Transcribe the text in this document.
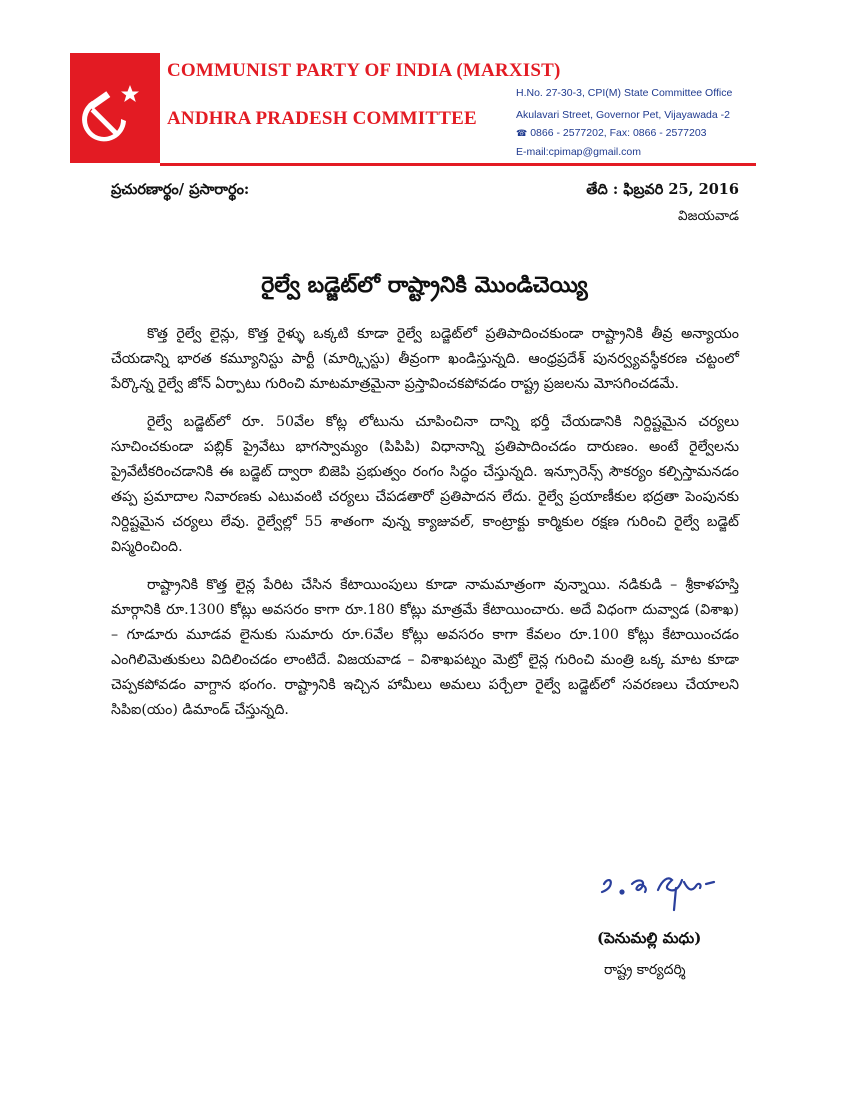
COMMUNIST PARTY OF INDIA (MARXIST)
ANDHRA PRADESH COMMITTEE
H.No. 27-30-3, CPI(M) State Committee Office
Akulavari Street, Governor Pet, Vijayawada -2
☎ 0866 - 2577202, Fax: 0866 - 2577203
E-mail:cpimap@gmail.com
ప్రచురణార్థం/ ప్రసారార్థం:	తేది : ఫిబ్రవరి 25, 2016
విజయవాడ
రైల్వే బడ్జెట్‌లో రాష్ట్రానికి మొండిచెయ్యి

కొత్త రైల్వే లైన్లు, కొత్త రైళ్ళు ఒక్కటి కూడా రైల్వే బడ్జెట్‌లో ప్రతిపాదించకుండా రాష్ట్రానికి తీవ్ర అన్యాయం చేయడాన్ని భారత కమ్యూనిస్టు పార్టీ (మార్క్సిస్టు) తీవ్రంగా ఖండిస్తున్నది. ఆంధ్రప్రదేశ్ పునర్వ్యవస్థీకరణ చట్టంలో పేర్కొన్న రైల్వే జోన్ ఏర్పాటు గురించి మాటమాత్రమైనా ప్రస్తావించకపోవడం రాష్ట్ర ప్రజలను మోసగించడమే.

రైల్వే బడ్జెట్‌లో రూ. 50వేల కోట్ల లోటును చూపించినా దాన్ని భర్తీ చేయడానికి నిర్దిష్టమైన చర్యలు సూచించకుండా పబ్లిక్ ప్రైవేటు భాగస్వామ్యం (పిపిపి) విధానాన్ని ప్రతిపాదించడం దారుణం. అంటే రైల్వేలను ప్రైవేటీకరించడానికి ఈ బడ్జెట్ ద్వారా బిజెపి ప్రభుత్వం రంగం సిద్ధం చేస్తున్నది. ఇన్సూరెన్స్ సౌకర్యం కల్పిస్తామనడం తప్ప ప్రమాదాల నివారణకు ఎటువంటి చర్యలు చేపడతారో ప్రతిపాదన లేదు. రైల్వే ప్రయాణీకుల భద్రతా పెంపునకు నిర్దిష్టమైన చర్యలు లేవు. రైల్వేల్లో 55 శాతంగా వున్న క్యాజువల్, కాంట్రాక్టు కార్మికుల రక్షణ గురించి రైల్వే బడ్జెట్ విస్మరించింది.

రాష్ట్రానికి కొత్త లైన్ల పేరిట చేసిన కేటాయింపులు కూడా నామమాత్రంగా వున్నాయి. నడికుడి – శ్రీకాళహస్తి మార్గానికి రూ.1300 కోట్లు అవసరం కాగా రూ.180 కోట్లు మాత్రమే కేటాయించారు. అదే విధంగా దువ్వాడ (విశాఖ) – గూడూరు మూడవ లైనుకు సుమారు రూ.6వేల కోట్లు అవసరం కాగా కేవలం రూ.100 కోట్లు కేటాయించడం ఎంగిలిమెతుకులు విదిలించడం లాంటిదే. విజయవాడ – విశాఖపట్నం మెట్రో లైన్ల గురించి మంత్రి ఒక్క మాట కూడా చెప్పకపోవడం వాగ్దాన భంగం. రాష్ట్రానికి ఇచ్చిన హామీలు అమలు పర్చేలా రైల్వే బడ్జెట్‌లో సవరణలు చేయాలని సిపిఐ(యం) డిమాండ్ చేస్తున్నది.

(పెనుమల్లి మధు)
రాష్ట్ర కార్యదర్శి
